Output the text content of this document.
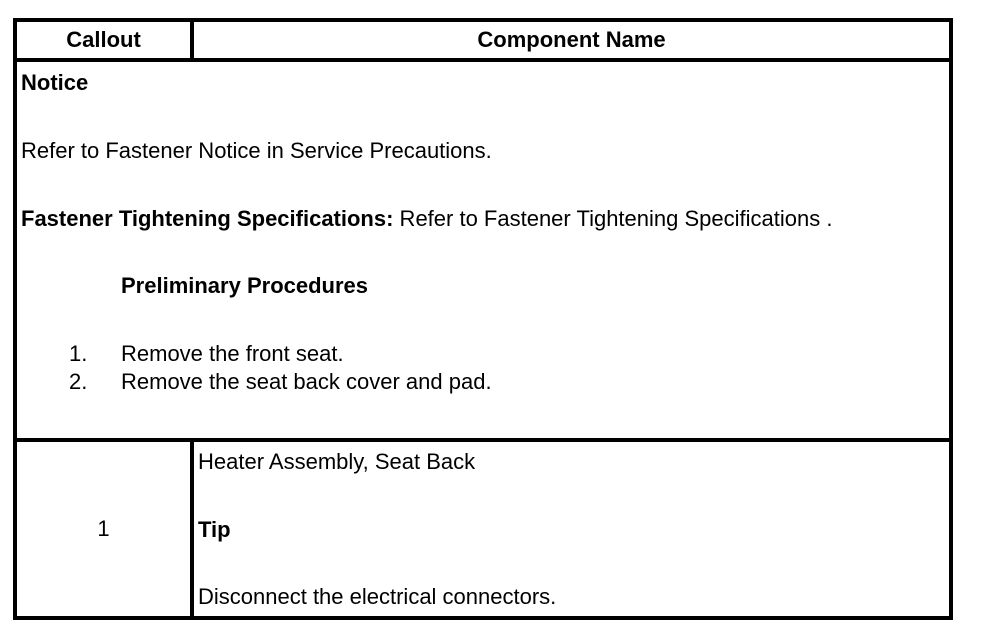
Callout	Component Name
Notice
Refer to Fastener Notice in Service Precautions.
Fastener Tightening Specifications: Refer to Fastener Tightening Specifications .
Preliminary Procedures
1. Remove the front seat.
2. Remove the seat back cover and pad.
1
Heater Assembly, Seat Back
Tip
Disconnect the electrical connectors.
